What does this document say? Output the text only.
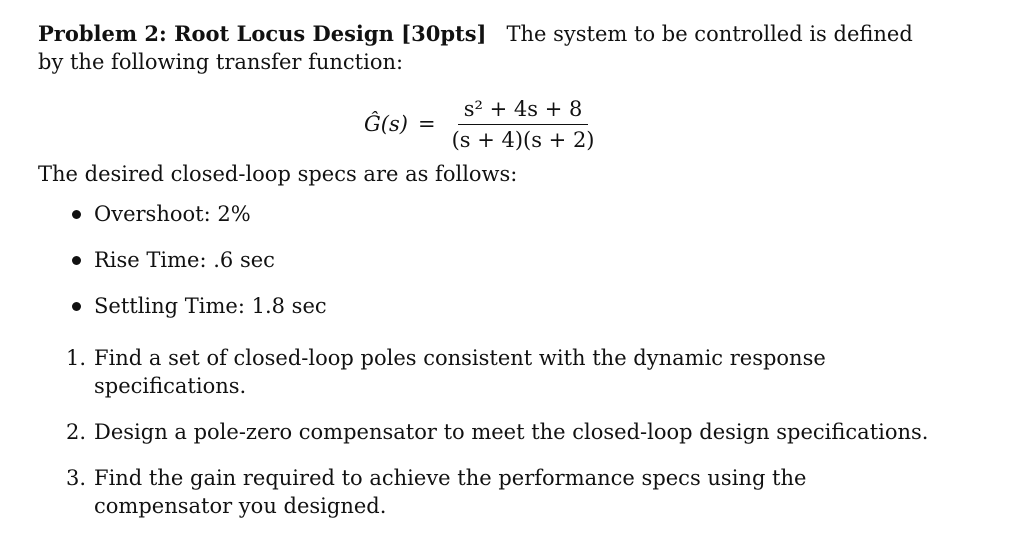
Problem 2: Root Locus Design [30pts] The system to be controlled is defined by the following transfer function:

Ĝ(s) = $\frac{\text{s² + 4s + 8}}{(s + 4)(s + 2)}$

The desired closed-loop specs are as follows:

Overshoot: 2%
Rise Time: .6 sec
Settling Time: 1.8 sec
1. Find a set of closed-loop poles consistent with the dynamic response specifications.
2. Design a pole-zero compensator to meet the closed-loop design specifications.
3. Find the gain required to achieve the performance specs using the compensator you designed.
